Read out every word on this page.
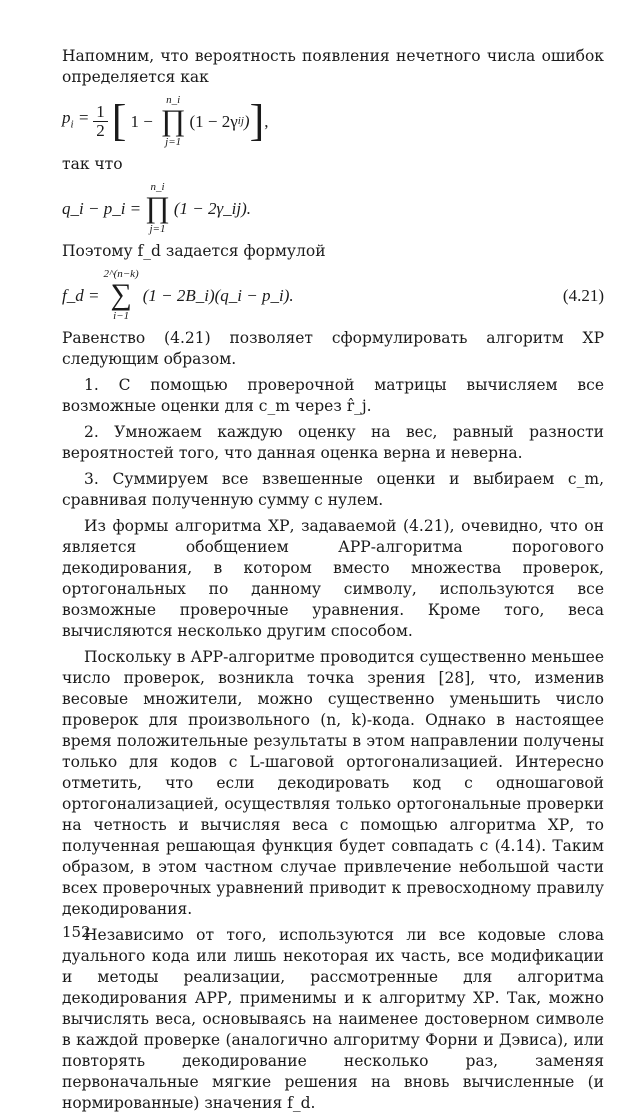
Напомним, что вероятность появления нечетного числа ошибок определяется как

$p_i = \frac{1}{2}$ [ 1 −
n_i
∏
j=1
(1 − 2γ ij ) ] ,

так что

q_i − p_i =
n_i
∏
j=1
(1 − 2γ_ij).

Поэтому f_d задается формулой

f_d =
2^(n−k)
∑
i−1
(1 − 2B_i)(q_i − p_i).	(4.21)

Равенство (4.21) позволяет сформулировать алгоритм ХР следующим образом.

1. С помощью проверочной матрицы вычисляем все возможные оценки для c_m через r̂_j.

2. Умножаем каждую оценку на вес, равный разности вероятностей того, что данная оценка верна и неверна.

3. Суммируем все взвешенные оценки и выбираем c_m, сравнивая полученную сумму с нулем.

Из формы алгоритма ХР, задаваемой (4.21), очевидно, что он является обобщением АРР-алгоритма порогового декодирования, в котором вместо множества проверок, ортогональных по данному символу, используются все возможные проверочные уравнения. Кроме того, веса вычисляются несколько другим способом.

Поскольку в АРР-алгоритме проводится существенно меньшее число проверок, возникла точка зрения [28], что, изменив весовые множители, можно существенно уменьшить число проверок для произвольного (n, k)-кода. Однако в настоящее время положительные результаты в этом направлении получены только для кодов с L-шаговой ортогонализацией. Интересно отметить, что если декодировать код с одношаговой ортогонализацией, осуществляя только ортогональные проверки на четность и вычисляя веса с помощью алгоритма ХР, то полученная решающая функция будет совпадать с (4.14). Таким образом, в этом частном случае привлечение небольшой части всех проверочных уравнений приводит к превосходному правилу декодирования.

Независимо от того, используются ли все кодовые слова дуального кода или лишь некоторая их часть, все модификации и методы реализации, рассмотренные для алгоритма декодирования АРР, применимы и к алгоритму ХР. Так, можно вычислять веса, основываясь на наименее достоверном символе в каждой проверке (аналогично алгоритму Форни и Дэвиса), или повторять декодирование несколько раз, заменяя первоначальные мягкие решения на вновь вычисленные (и нормированные) значения f_d.

152
